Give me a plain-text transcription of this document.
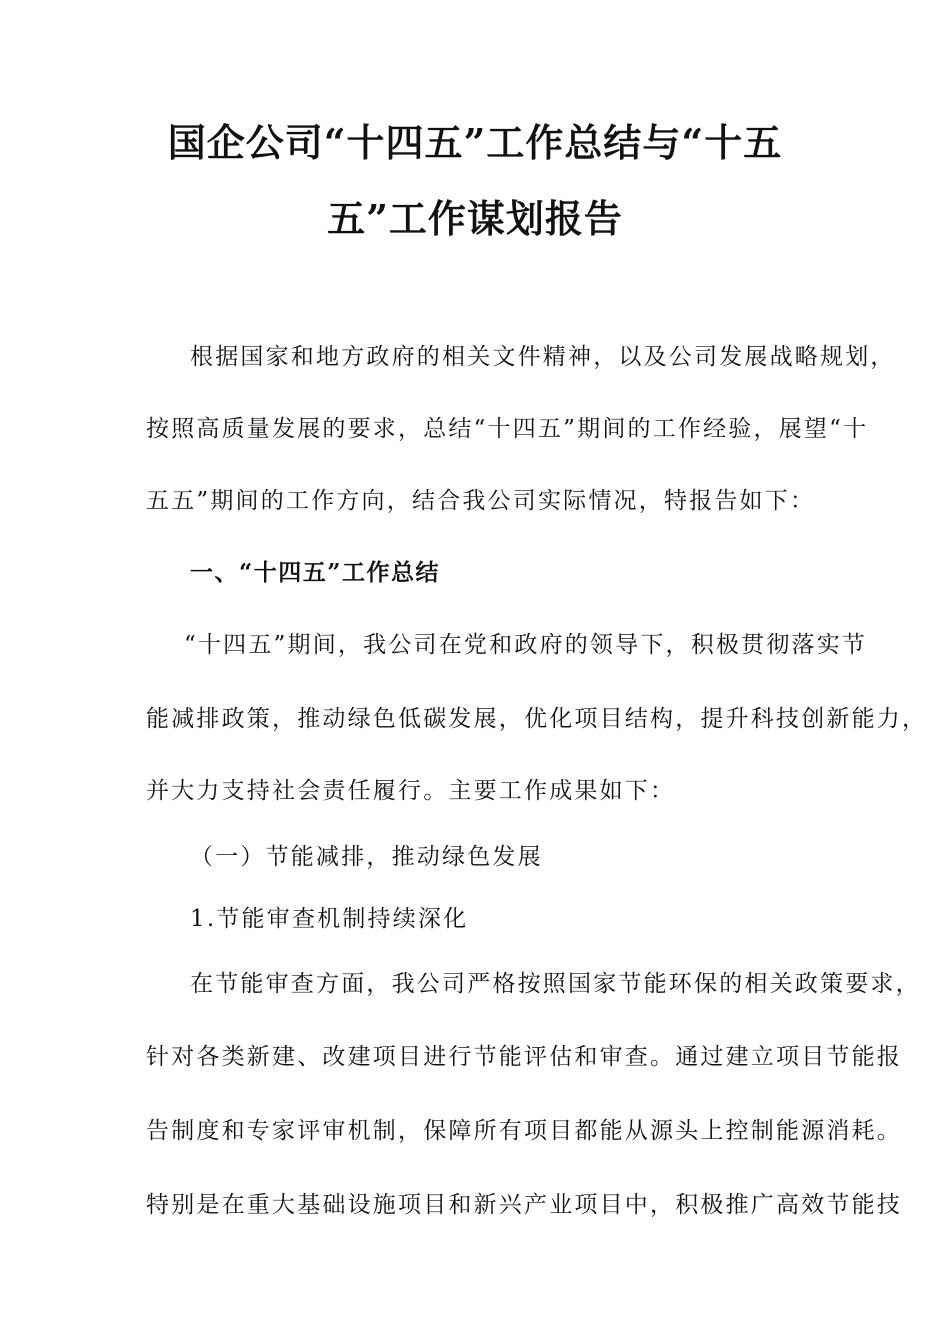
国企公司“十四五”工作总结与“十五
五”工作谋划报告
根据国家和地方政府的相关文件精神，以及公司发展战略规划，
按照高质量发展的要求，总结“十四五”期间的工作经验，展望“十
五五”期间的工作方向，结合我公司实际情况，特报告如下：
一、“十四五”工作总结
“十四五”期间，我公司在党和政府的领导下，积极贯彻落实节
能减排政策，推动绿色低碳发展，优化项目结构，提升科技创新能力，
并大力支持社会责任履行。主要工作成果如下：
（一）节能减排，推动绿色发展
1.节能审查机制持续深化
在节能审查方面，我公司严格按照国家节能环保的相关政策要求，
针对各类新建、改建项目进行节能评估和审查。通过建立项目节能报
告制度和专家评审机制，保障所有项目都能从源头上控制能源消耗。
特别是在重大基础设施项目和新兴产业项目中，积极推广高效节能技
